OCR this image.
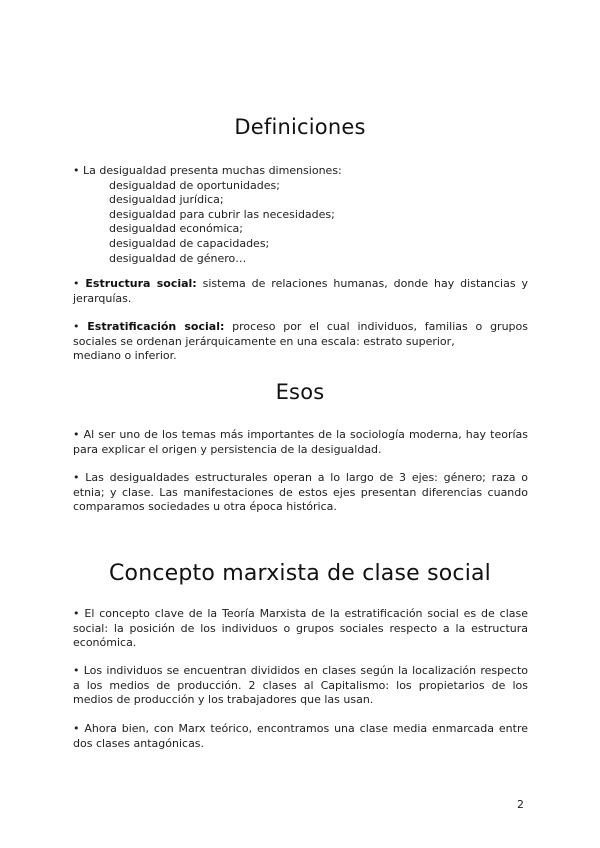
Definiciones
• La desigualdad presenta muchas dimensiones:
desigualdad de oportunidades;
desigualdad jurídica;
desigualdad para cubrir las necesidades;
desigualdad económica;
desigualdad de capacidades;
desigualdad de género…

• Estructura social: sistema de relaciones humanas, donde hay distancias y jerarquías.

• Estratificación social: proceso por el cual individuos, familias o grupos sociales se ordenan jerárquicamente en una escala: estrato superior,
mediano o inferior.

Esos

• Al ser uno de los temas más importantes de la sociología moderna, hay teorías para explicar el origen y persistencia de la desigualdad.

• Las desigualdades estructurales operan a lo largo de 3 ejes: género; raza o etnia; y clase. Las manifestaciones de estos ejes presentan diferencias cuando comparamos sociedades u otra época histórica.

Concepto marxista de clase social

• El concepto clave de la Teoría Marxista de la estratificación social es de clase social: la posición de los individuos o grupos sociales respecto a la estructura económica.

• Los individuos se encuentran divididos en clases según la localización respecto a los medios de producción. 2 clases al Capitalismo: los propietarios de los medios de producción y los trabajadores que las usan.

• Ahora bien, con Marx teórico, encontramos una clase media enmarcada entre dos clases antagónicas.

2
